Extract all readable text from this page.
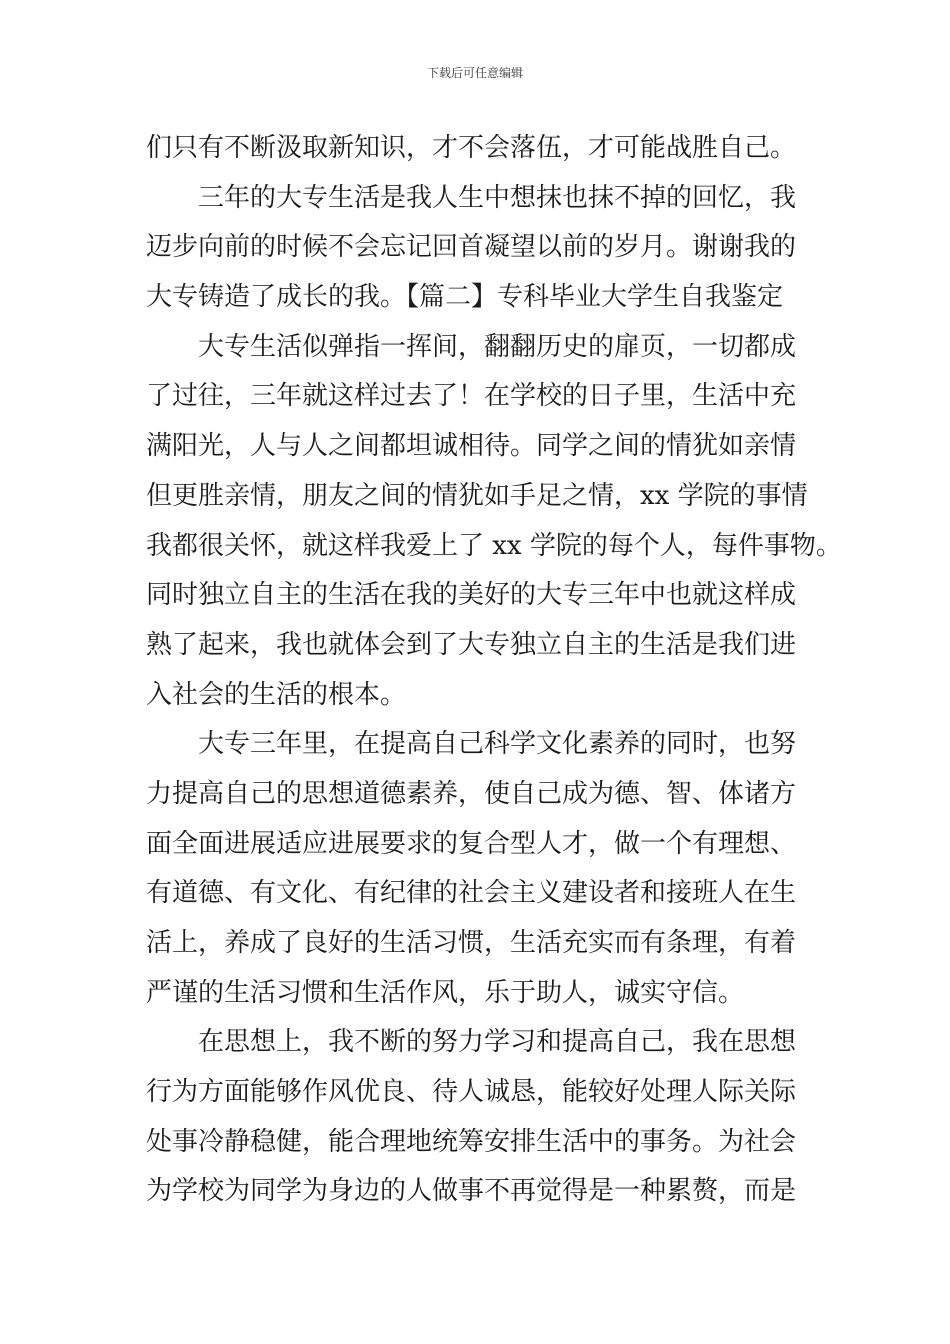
下载后可任意编辑
们只有不断汲取新知识，才不会落伍，才可能战胜自己。
三年的大专生活是我人生中想抹也抹不掉的回忆，我
迈步向前的时候不会忘记回首凝望以前的岁月。谢谢我的
大专铸造了成长的我。【篇二】专科毕业大学生自我鉴定
大专生活似弹指一挥间，翻翻历史的扉页，一切都成
了过往，三年就这样过去了！在学校的日子里，生活中充
满阳光，人与人之间都坦诚相待。同学之间的情犹如亲情
但更胜亲情，朋友之间的情犹如手足之情，xx 学院的事情
我都很关怀，就这样我爱上了 xx 学院的每个人，每件事物。
同时独立自主的生活在我的美好的大专三年中也就这样成
熟了起来，我也就体会到了大专独立自主的生活是我们进
入社会的生活的根本。
大专三年里，在提高自己科学文化素养的同时，也努
力提高自己的思想道德素养，使自己成为德、智、体诸方
面全面进展适应进展要求的复合型人才，做一个有理想、
有道德、有文化、有纪律的社会主义建设者和接班人在生
活上，养成了良好的生活习惯，生活充实而有条理，有着
严谨的生活习惯和生活作风，乐于助人，诚实守信。
在思想上，我不断的努力学习和提高自己，我在思想
行为方面能够作风优良、待人诚恳，能较好处理人际关际
处事冷静稳健，能合理地统筹安排生活中的事务。为社会
为学校为同学为身边的人做事不再觉得是一种累赘，而是
